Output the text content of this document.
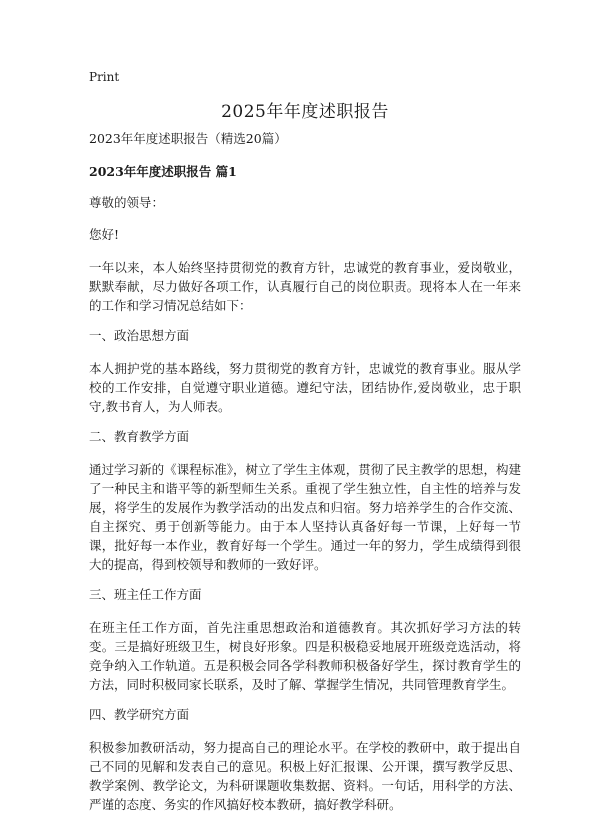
Print
2025年年度述职报告

2023年年度述职报告（精选20篇）

2023年年度述职报告 篇1

尊敬的领导：

您好!

一年以来，本人始终坚持贯彻党的教育方针，忠诚党的教育事业，爱岗敬业，默默奉献，尽力做好各项工作，认真履行自己的岗位职责。现将本人在一年来的工作和学习情况总结如下：

一、政治思想方面

本人拥护党的基本路线，努力贯彻党的教育方针，忠诚党的教育事业。服从学校的工作安排，自觉遵守职业道德。遵纪守法，团结协作,爱岗敬业，忠于职守,教书育人，为人师表。

二、教育教学方面

通过学习新的《课程标准》，树立了学生主体观，贯彻了民主教学的思想，构建了一种民主和谐平等的新型师生关系。重视了学生独立性，自主性的培养与发展，将学生的发展作为教学活动的出发点和归宿。努力培养学生的合作交流、自主探究、勇于创新等能力。由于本人坚持认真备好每一节课，上好每一节课，批好每一本作业，教育好每一个学生。通过一年的努力，学生成绩得到很大的提高，得到校领导和教师的一致好评。

三、班主任工作方面

在班主任工作方面，首先注重思想政治和道德教育。其次抓好学习方法的转变。三是搞好班级卫生，树良好形象。四是积极稳妥地展开班级竞选活动，将竞争纳入工作轨道。五是积极会同各学科教师积极备好学生，探讨教育学生的方法，同时积极同家长联系，及时了解、掌握学生情况，共同管理教育学生。

四、教学研究方面

积极参加教研活动，努力提高自己的理论水平。在学校的教研中，敢于提出自己不同的见解和发表自己的意见。积极上好汇报课、公开课，撰写教学反思、教学案例、教学论文，为科研课题收集数据、资料。一句话，用科学的方法、严谨的态度、务实的作风搞好校本教研，搞好教学科研。
